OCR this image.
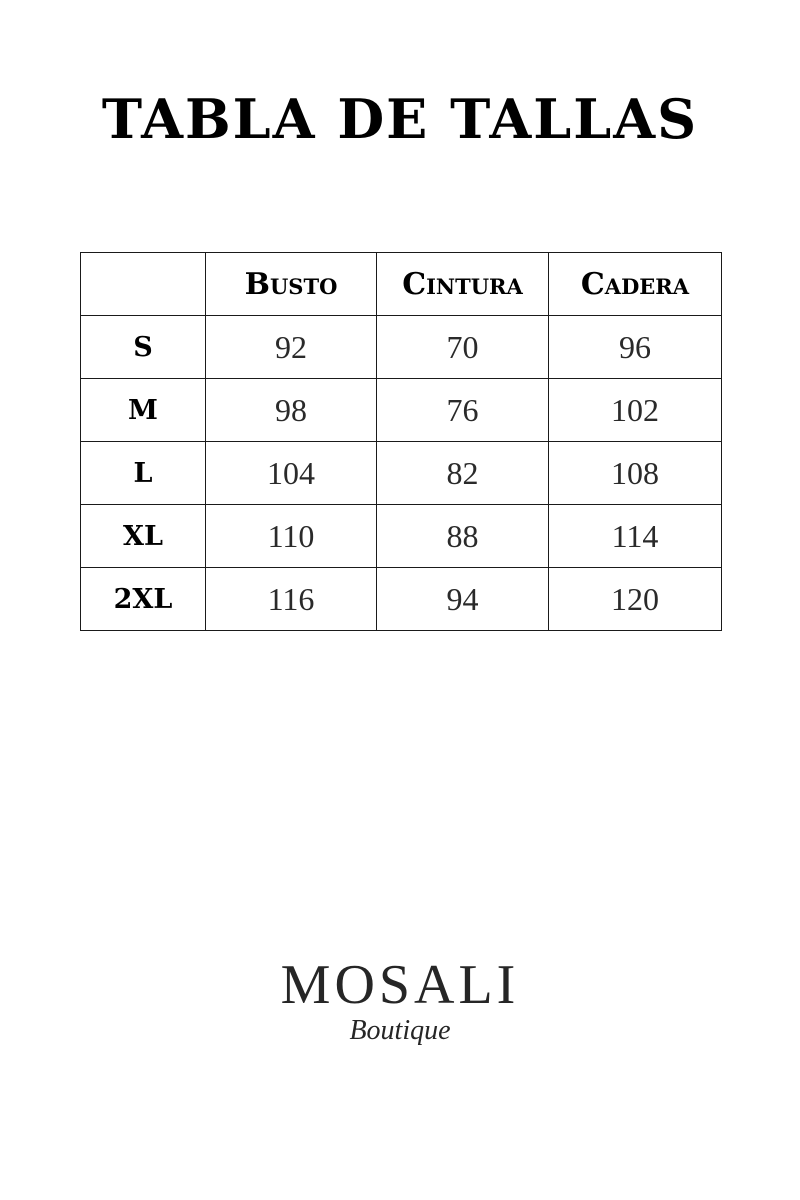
TABLA DE TALLAS
	Busto	Cintura	Cadera
S	92	70	96
M	98	76	102
L	104	82	108
XL	110	88	114
2XL	116	94	120
MOSALI
Boutique
